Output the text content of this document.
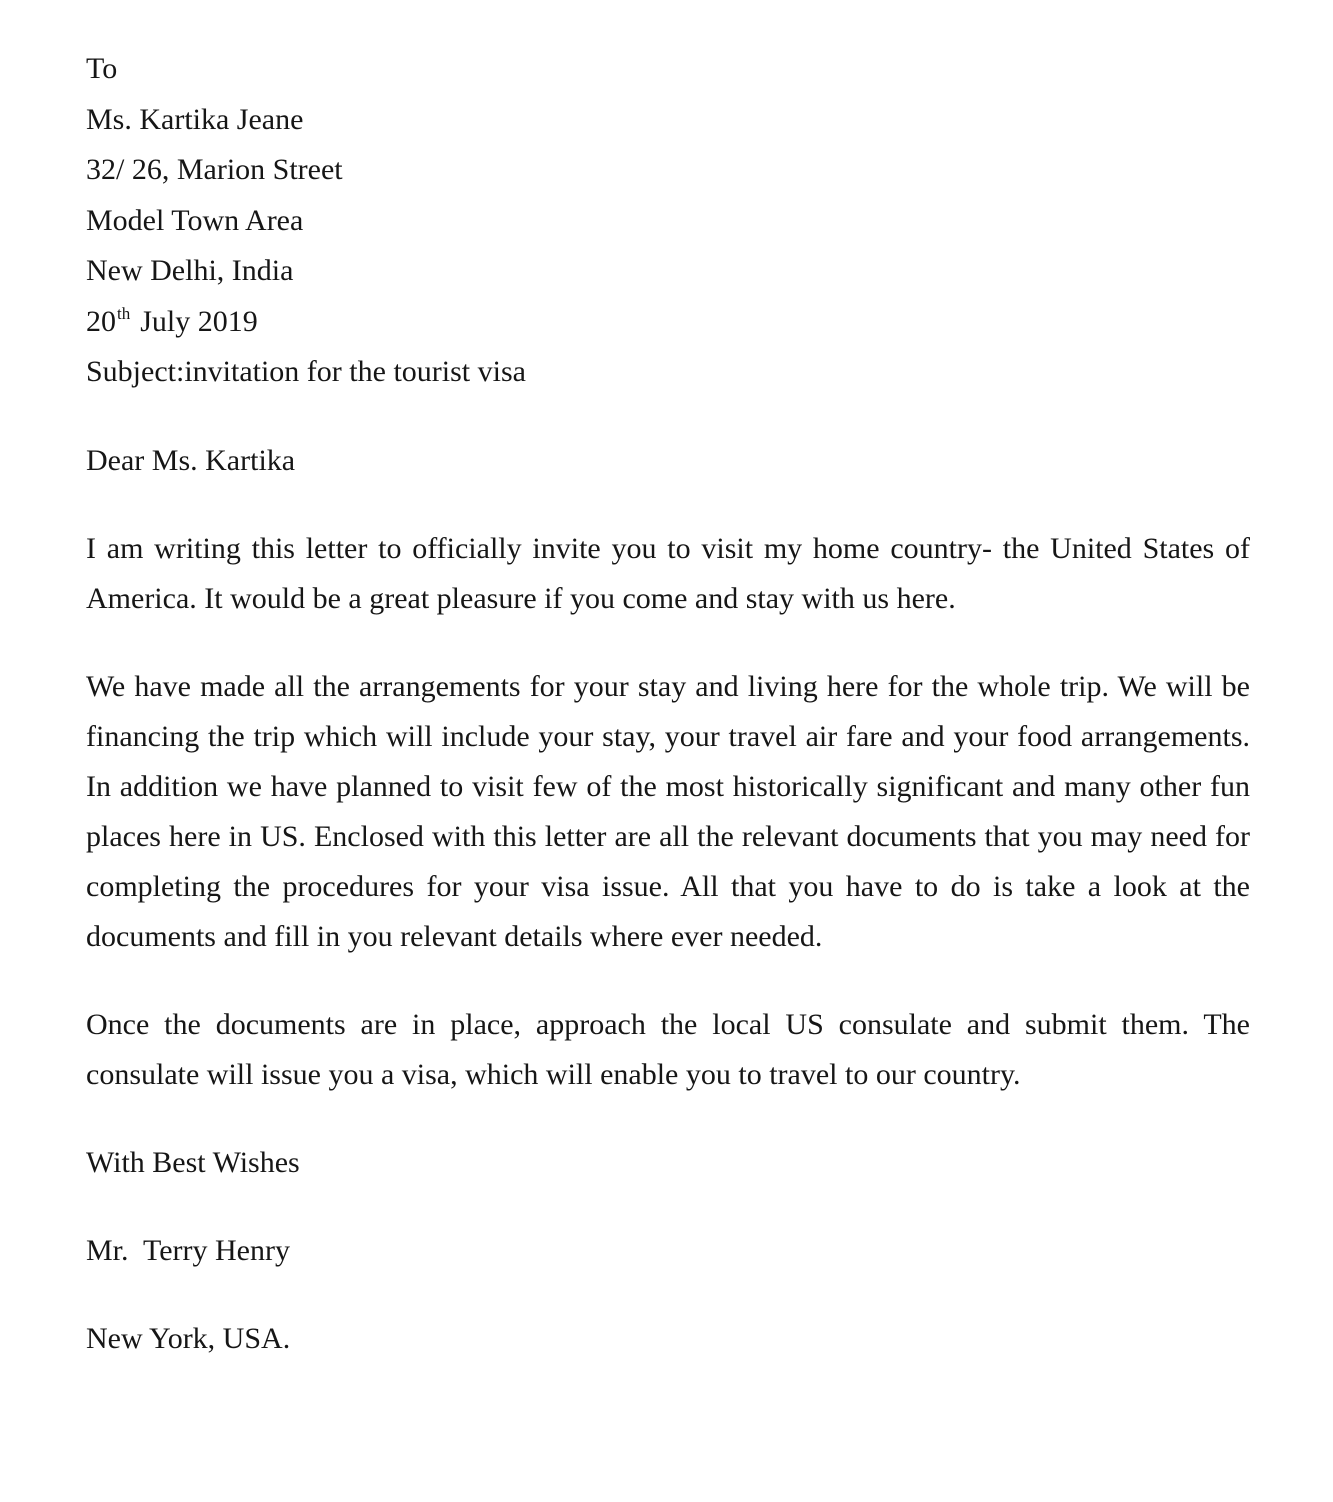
To
Ms. Kartika Jeane
32/ 26, Marion Street
Model Town Area
New Delhi, India
20th July 2019
Subject:invitation for the tourist visa
Dear Ms. Kartika

I am writing this letter to officially invite you to visit my home country- the United States of America. It would be a great pleasure if you come and stay with us here.

We have made all the arrangements for your stay and living here for the whole trip. We will be financing the trip which will include your stay, your travel air fare and your food arrangements. In addition we have planned to visit few of the most historically significant and many other fun places here in US. Enclosed with this letter are all the relevant documents that you may need for completing the procedures for your visa issue. All that you have to do is take a look at the documents and fill in you relevant details where ever needed.

Once the documents are in place, approach the local US consulate and submit them. The consulate will issue you a visa, which will enable you to travel to our country.

With Best Wishes
Mr.  Terry Henry
New York, USA.
